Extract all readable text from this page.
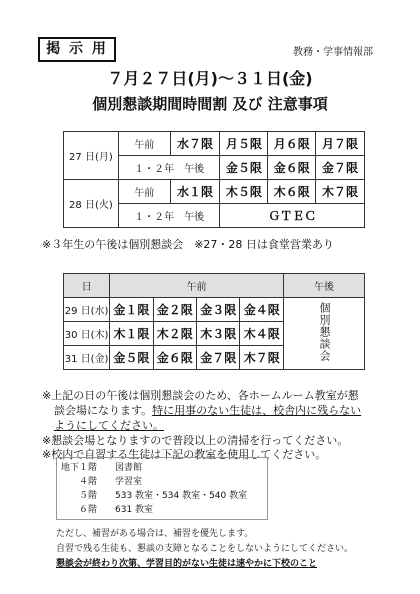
掲 示 用	教務・学事情報部
７月２７日(月)～３１日(金)
個別懇談期間時間割 及び 注意事項
27 日(月)	午前	水７限	月５限	月６限	月７限
	１・２年　午後		金５限	金６限	金７限
28 日(火)	午前	水１限	木５限	木６限	木７限
	１・２年　午後		ＧＴＥＣ		
※３年生の午後は個別懇談会　※27・28 日は食堂営業あり
日	午前				午後
29 日(水)	金１限	金２限	金３限	金４限	個別懇談会
30 日(木)	木１限	木２限	木３限	木４限	
31 日(金)	金５限	金６限	金７限	木７限	
※上記の日の午後は個別懇談会のため、各ホームルーム教室が懇
談会場になります。特に用事のない生徒は、校舎内に残らない
ようにしてください。
※懇談会場となりますので普段以上の清掃を行ってください。
※校内で自習する生徒は下記の教室を使用してください。
地下１階 図書館
４階 学習室
５階 533 教室・534 教室・540 教室
６階 631 教室
ただし、補習がある場合は、補習を優先します。
自習で残る生徒も、懇談の支障となることをしないようにしてください。
懇談会が終わり次第、学習目的がない生徒は速やかに下校のこと
